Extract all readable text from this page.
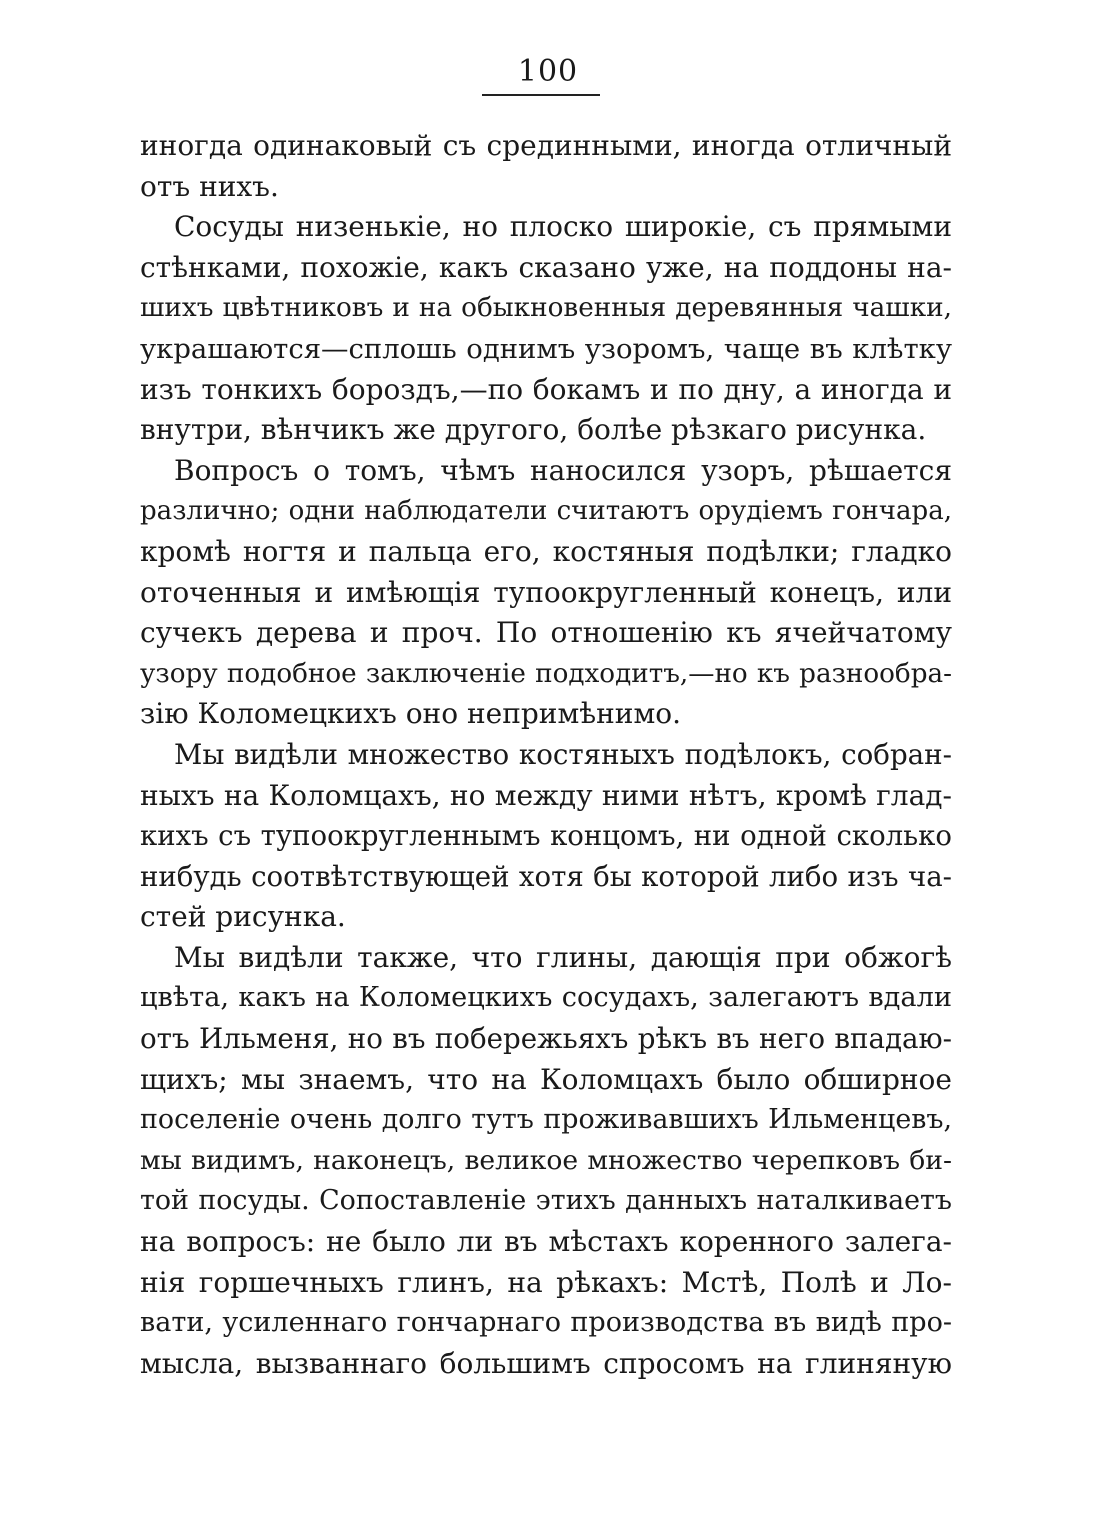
100
иногда одинаковый съ срединными, иногда отличный
отъ нихъ.
Сосуды низенькіе, но плоско широкіе, съ прямыми
стѣнками, похожіе, какъ сказано уже, на поддоны на-
шихъ цвѣтниковъ и на обыкновенныя деревянныя чашки,
украшаются—сплошь однимъ узоромъ, чаще въ клѣтку
изъ тонкихъ бороздъ,—по бокамъ и по дну, а иногда и
внутри, вѣнчикъ же другого, болѣе рѣзкаго рисунка.
Вопросъ о томъ, чѣмъ наносился узоръ, рѣшается
различно; одни наблюдатели считаютъ орудіемъ гончара,
кромѣ ногтя и пальца его, костяныя подѣлки; гладко
оточенныя и имѣющія тупоокругленный конецъ, или
сучекъ дерева и проч. По отношенію къ ячейчатому
узору подобное заключеніе подходитъ,—но къ разнообра-
зію Коломецкихъ оно непримѣнимо.
Мы видѣли множество костяныхъ подѣлокъ, собран-
ныхъ на Коломцахъ, но между ними нѣтъ, кромѣ глад-
кихъ съ тупоокругленнымъ концомъ, ни одной сколько
нибудь соотвѣтствующей хотя бы которой либо изъ ча-
стей рисунка.
Мы видѣли также, что глины, дающія при обжогѣ
цвѣта, какъ на Коломецкихъ сосудахъ, залегаютъ вдали
отъ Ильменя, но въ побережьяхъ рѣкъ въ него впадаю-
щихъ; мы знаемъ, что на Коломцахъ было обширное
поселеніе очень долго тутъ проживавшихъ Ильменцевъ,
мы видимъ, наконецъ, великое множество черепковъ би-
той посуды. Сопоставленіе этихъ данныхъ наталкиваетъ
на вопросъ: не было ли въ мѣстахъ коренного залега-
нія горшечныхъ глинъ, на рѣкахъ: Мстѣ, Полѣ и Ло-
вати, усиленнаго гончарнаго производства въ видѣ про-
мысла, вызваннаго большимъ спросомъ на глиняную
